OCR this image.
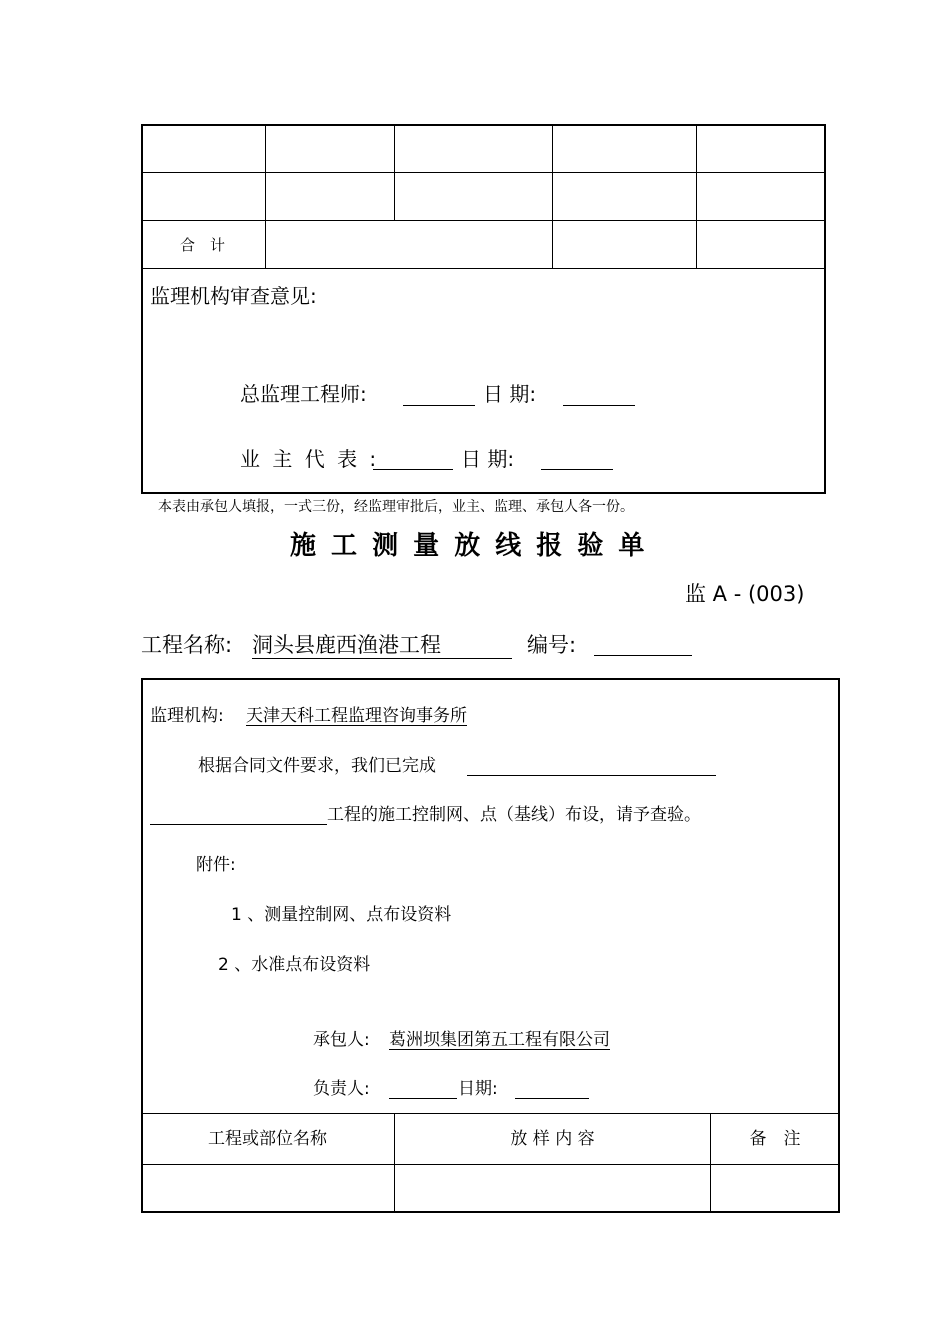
合　计
监理机构审查意见:
总监理工程师:	日 期:
业 主 代 表 :	日 期:
本表由承包人填报，一式三份，经监理审批后，业主、监理、承包人各一份。
施 工 测 量 放 线 报 验 单
监 A - (003)
工程名称: 洞头县鹿西渔港工程	编号:
监理机构: 天津天科工程监理咨询事务所
根据合同文件要求，我们已完成
工程的施工控制网、点（基线）布设，请予查验。
附件:
1 、测量控制网、点布设资料
2 、水准点布设资料
承包人: 葛洲坝集团第五工程有限公司
负责人:	日期:
工程或部位名称	放 样 内 容	备　注
